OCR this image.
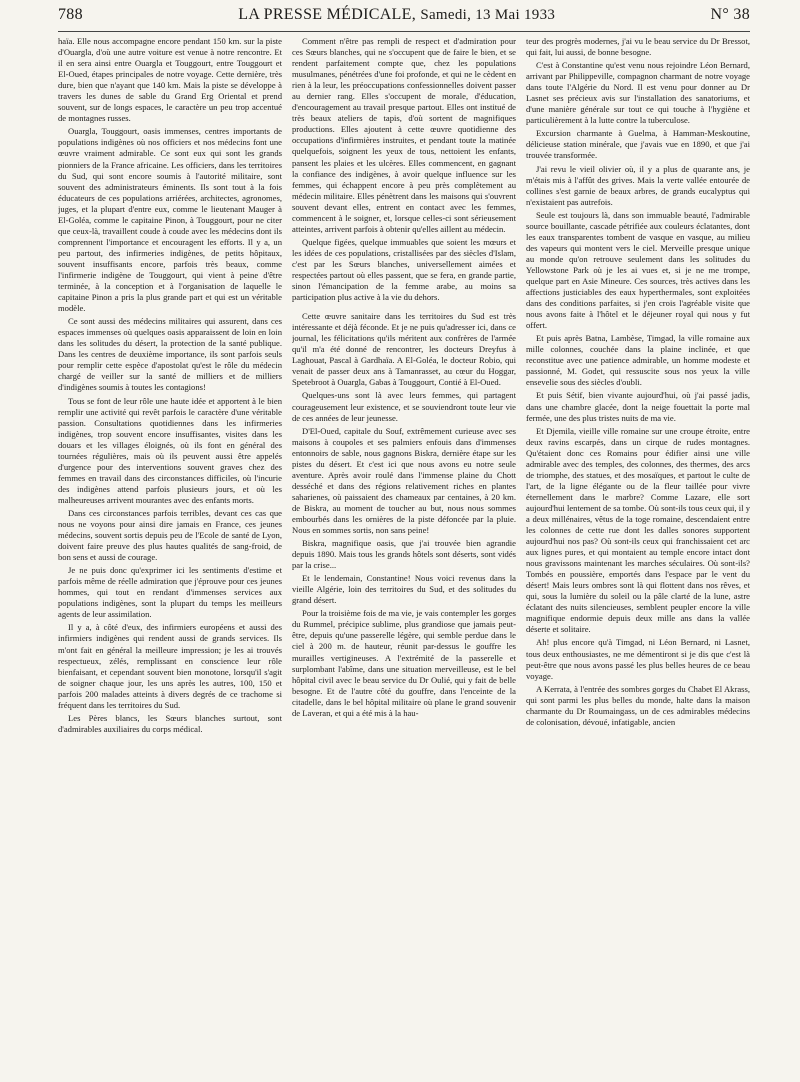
788	LA PRESSE MÉDICALE, Samedi, 13 Mai 1933	N° 38

haïa. Elle nous accompagne encore pendant 150 km. sur la piste d'Ouargla, d'où une autre voiture est venue à notre rencontre. Et il en sera ainsi entre Ouargla et Touggourt, entre Touggourt et El-Oued, étapes principales de notre voyage. Cette dernière, très dure, bien que n'ayant que 140 km. Mais la piste se développe à travers les dunes de sable du Grand Erg Oriental et prend souvent, sur de longs espaces, le caractère un peu trop accentué de montagnes russes.

Ouargla, Touggourt, oasis immenses, centres importants de populations indigènes où nos officiers et nos médecins font une œuvre vraiment admirable. Ce sont eux qui sont les grands pionniers de la France africaine. Les officiers, dans les territoires du Sud, qui sont encore soumis à l'autorité militaire, sont souvent des administrateurs éminents. Ils sont tout à la fois éducateurs de ces populations arriérées, architectes, agronomes, juges, et la plupart d'entre eux, comme le lieutenant Mauger à El-Goléa, comme le capitaine Pinon, à Touggourt, pour ne citer que ceux-là, travaillent coude à coude avec les médecins dont ils comprennent l'importance et encouragent les efforts. Il y a, un peu partout, des infirmeries indigènes, de petits hôpitaux, souvent insuffisants encore, parfois très beaux, comme l'infirmerie indigène de Touggourt, qui vient à peine d'être terminée, à la conception et à l'organisation de laquelle le capitaine Pinon a pris la plus grande part et qui est un véritable modèle.

Ce sont aussi des médecins militaires qui assurent, dans ces espaces immenses où quelques oasis apparaissent de loin en loin dans les solitudes du désert, la protection de la santé publique. Dans les centres de deuxième importance, ils sont parfois seuls pour remplir cette espèce d'apostolat qu'est le rôle du médecin chargé de veiller sur la santé de milliers et de milliers d'indigènes soumis à toutes les contagions!

Tous se font de leur rôle une haute idée et apportent à le bien remplir une activité qui revêt parfois le caractère d'une véritable passion. Consultations quotidiennes dans les infirmeries indigènes, trop souvent encore insuffisantes, visites dans les douars et les villages éloignés, où ils font en général des tournées régulières, mais où ils peuvent aussi être appelés d'urgence pour des interventions souvent graves chez des femmes en travail dans des circonstances difficiles, où l'incurie des indigènes attend parfois plusieurs jours, et où les malheureuses arrivent mourantes avec des enfants morts.

Dans ces circonstances parfois terribles, devant ces cas que nous ne voyons pour ainsi dire jamais en France, ces jeunes médecins, souvent sortis depuis peu de l'Ecole de santé de Lyon, doivent faire preuve des plus hautes qualités de sang-froid, de bon sens et aussi de courage.

Je ne puis donc qu'exprimer ici les sentiments d'estime et parfois même de réelle admiration que j'éprouve pour ces jeunes hommes, qui tout en rendant d'immenses services aux populations indigènes, sont la plupart du temps les meilleurs agents de leur assimilation.

Il y a, à côté d'eux, des infirmiers européens et aussi des infirmiers indigènes qui rendent aussi de grands services. Ils m'ont fait en général la meilleure impression; je les ai trouvés respectueux, zélés, remplissant en conscience leur rôle bienfaisant, et cependant souvent bien monotone, lorsqu'il s'agit de soigner chaque jour, les uns après les autres, 100, 150 et parfois 200 malades atteints à divers degrés de ce trachome si fréquent dans les territoires du Sud.

Les Pères blancs, les Sœurs blanches surtout, sont d'admirables auxiliaires du corps médical.

Comment n'être pas rempli de respect et d'admiration pour ces Sœurs blanches, qui ne s'occupent que de faire le bien, et se rendent parfaitement compte que, chez les populations musulmanes, pénétrées d'une foi profonde, et qui ne le cèdent en rien à la leur, les préoccupations confessionnelles doivent passer au dernier rang. Elles s'occupent de morale, d'éducation, d'encouragement au travail presque partout. Elles ont institué de très beaux ateliers de tapis, d'où sortent de magnifiques productions. Elles ajoutent à cette œuvre quotidienne des occupations d'infirmières instruites, et pendant toute la matinée quelquefois, soignent les yeux de tous, nettoient les enfants, pansent les plaies et les ulcères. Elles commencent, en gagnant la confiance des indigènes, à avoir quelque influence sur les femmes, qui échappent encore à peu près complètement au médecin militaire. Elles pénètrent dans les maisons qui s'ouvrent souvent devant elles, entrent en contact avec les femmes, commencent à le soigner, et, lorsque celles-ci sont sérieusement atteintes, arrivent parfois à obtenir qu'elles aillent au médecin.

Quelque figées, quelque immuables que soient les mœurs et les idées de ces populations, cristallisées par des siècles d'Islam, c'est par les Sœurs blanches, universellement aimées et respectées partout où elles passent, que se fera, en grande partie, sinon l'émancipation de la femme arabe, au moins sa participation plus active à la vie du dehors.

Cette œuvre sanitaire dans les territoires du Sud est très intéressante et déjà féconde. Et je ne puis qu'adresser ici, dans ce journal, les félicitations qu'ils méritent aux confrères de l'armée qu'il m'a été donné de rencontrer, les docteurs Dreyfus à Laghouat, Pascal à Gardhaïa. A El-Goléa, le docteur Robio, qui venait de passer deux ans à Tamanrasset, au cœur du Hoggar, Spetebroot à Ouargla, Gabas à Touggourt, Contié à El-Oued.

Quelques-uns sont là avec leurs femmes, qui partagent courageusement leur existence, et se souviendront toute leur vie de ces années de leur jeunesse.

D'El-Oued, capitale du Souf, extrêmement curieuse avec ses maisons à coupoles et ses palmiers enfouis dans d'immenses entonnoirs de sable, nous gagnons Biskra, dernière étape sur les pistes du désert. Et c'est ici que nous avons eu notre seule aventure. Après avoir roulé dans l'immense plaine du Chott desséché et dans des régions relativement riches en plantes saharienes, où paissaient des chameaux par centaines, à 20 km. de Biskra, au moment de toucher au but, nous nous sommes embourbés dans les ornières de la piste défoncée par la pluie. Nous en sommes sortis, non sans peine!

Biskra, magnifique oasis, que j'ai trouvée bien agrandie depuis 1890. Mais tous les grands hôtels sont déserts, sont vidés par la crise...

Et le lendemain, Constantine! Nous voici revenus dans la vieille Algérie, loin des territoires du Sud, et des solitudes du grand désert.

Pour la troisième fois de ma vie, je vais contempler les gorges du Rummel, précipice sublime, plus grandiose que jamais peut-être, depuis qu'une passerelle légère, qui semble perdue dans le ciel à 200 m. de hauteur, réunit par-dessus le gouffre les murailles vertigineuses. A l'extrémité de la passerelle et surplombant l'abîme, dans une situation merveilleuse, est le bel hôpital civil avec le beau service du Dr Oulié, qui y fait de belle besogne. Et de l'autre côté du gouffre, dans l'enceinte de la citadelle, dans le bel hôpital militaire où plane le grand souvenir de Laveran, et qui a été mis à la hau-

teur des progrès modernes, j'ai vu le beau service du Dr Bressot, qui fait, lui aussi, de bonne besogne.

C'est à Constantine qu'est venu nous rejoindre Léon Bernard, arrivant par Philippeville, compagnon charmant de notre voyage dans toute l'Algérie du Nord. Il est venu pour donner au Dr Lasnet ses précieux avis sur l'installation des sanatoriums, et d'une manière générale sur tout ce qui touche à l'hygiène et particulièrement à la lutte contre la tuberculose.

Excursion charmante à Guelma, à Hamman-Meskoutine, délicieuse station minérale, que j'avais vue en 1890, et que j'ai trouvée transformée.

J'ai revu le vieil olivier où, il y a plus de quarante ans, je m'étais mis à l'affût des grives. Mais la verte vallée entourée de collines s'est garnie de beaux arbres, de grands eucalyptus qui n'existaient pas autrefois.

Seule est toujours là, dans son immuable beauté, l'admirable source bouillante, cascade pétrifiée aux couleurs éclatantes, dont les eaux transparentes tombent de vasque en vasque, au milieu des vapeurs qui montent vers le ciel. Merveille presque unique au monde qu'on retrouve seulement dans les solitudes du Yellowstone Park où je les ai vues et, si je ne me trompe, quelque part en Asie Mineure. Ces sources, très actives dans les affections justiciables des eaux hyperthermales, sont exploitées dans des conditions parfaites, si j'en crois l'agréable visite que nous avons faite à l'hôtel et le déjeuner royal qui nous y fut offert.

Et puis après Batna, Lambèse, Timgad, la ville romaine aux mille colonnes, couchée dans la plaine inclinée, et que reconstitue avec une patience admirable, un homme modeste et passionné, M. Godet, qui ressuscite sous nos yeux la ville ensevelie sous des siècles d'oubli.

Et puis Sétif, bien vivante aujourd'hui, où j'ai passé jadis, dans une chambre glacée, dont la neige fouettait la porte mal fermée, une des plus tristes nuits de ma vie.

Et Djemila, vieille ville romaine sur une croupe étroite, entre deux ravins escarpés, dans un cirque de rudes montagnes. Qu'étaient donc ces Romains pour édifier ainsi une ville admirable avec des temples, des colonnes, des thermes, des arcs de triomphe, des statues, et des mosaïques, et partout le culte de l'art, de la ligne élégante ou de la fleur taillée pour vivre éternellement dans le marbre? Comme Lazare, elle sort aujourd'hui lentement de sa tombe. Où sont-ils tous ceux qui, il y a deux millénaires, vêtus de la toge romaine, descendaient entre les colonnes de cette rue dont les dalles sonores supportent aujourd'hui nos pas? Où sont-ils ceux qui franchissaient cet arc aux lignes pures, et qui montaient au temple encore intact dont nous gravissons maintenant les marches séculaires. Où sont-ils? Tombés en poussière, emportés dans l'espace par le vent du désert! Mais leurs ombres sont là qui flottent dans nos rêves, et qui, sous la lumière du soleil ou la pâle clarté de la lune, astre éclatant des nuits silencieuses, semblent peupler encore la ville magnifique endormie depuis deux mille ans dans la vallée déserte et solitaire.

Ah! plus encore qu'à Timgad, ni Léon Bernard, ni Lasnet, tous deux enthousiastes, ne me démentiront si je dis que c'est là peut-être que nous avons passé les plus belles heures de ce beau voyage.

A Kerrata, à l'entrée des sombres gorges du Chabet El Akrass, qui sont parmi les plus belles du monde, halte dans la maison charmante du Dr Roumaingass, un de ces admirables médecins de colonisation, dévoué, infatigable, ancien
